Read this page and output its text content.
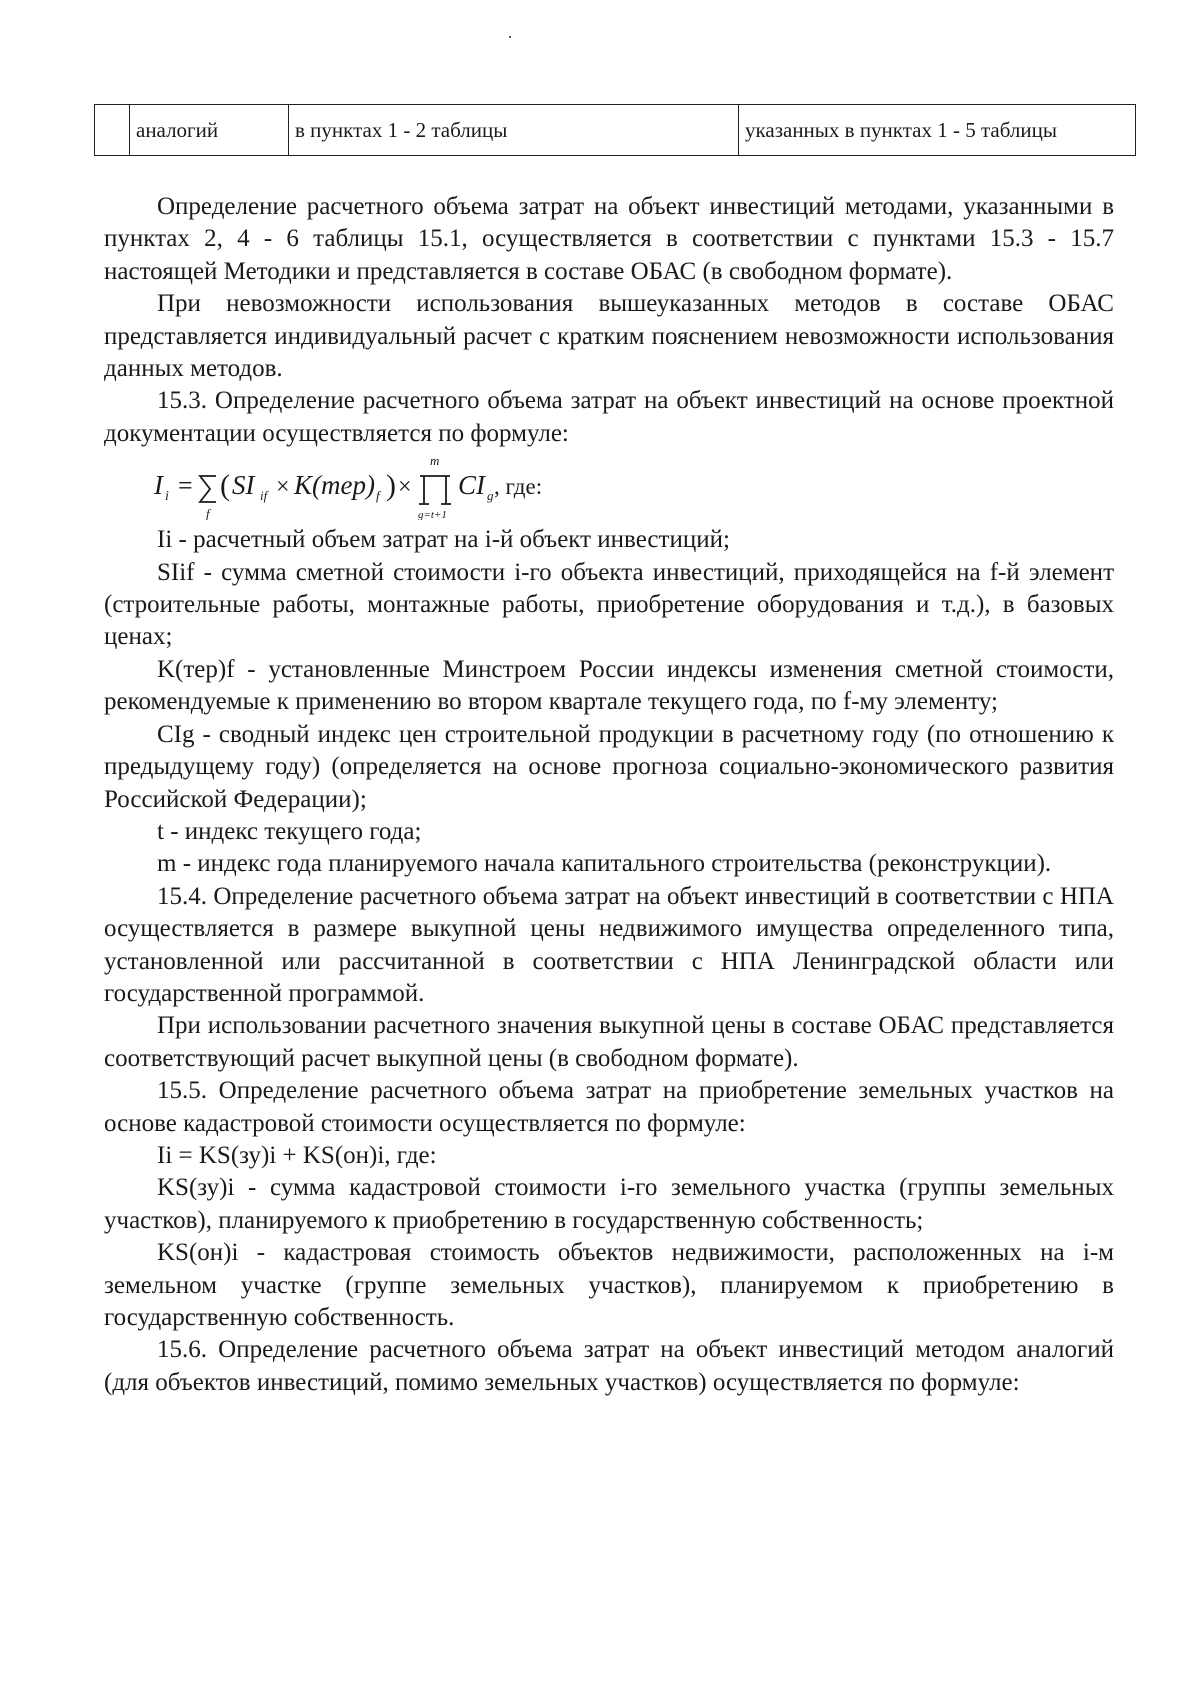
	аналогий	в пунктах 1 - 2 таблицы	указанных в пунктах 1 - 5 таблицы

Определение расчетного объема затрат на объект инвестиций методами, указанными в пунктах 2, 4 - 6 таблицы 15.1, осуществляется в соответствии с пунктами 15.3 - 15.7 настоящей Методики и представляется в составе ОБАС (в свободном формате).

При невозможности использования вышеуказанных методов в составе ОБАС представляется индивидуальный расчет с кратким пояснением невозможности использования данных методов.

15.3. Определение расчетного объема затрат на объект инвестиций на основе проектной документации осуществляется по формуле:

I i =
f
( SI if × K(тер) f ) ×
m
g=t+1
CI g , где:

Ii - расчетный объем затрат на i-й объект инвестиций;

SIif - сумма сметной стоимости i-го объекта инвестиций, приходящейся на f-й элемент (строительные работы, монтажные работы, приобретение оборудования и т.д.), в базовых ценах;

K(тер)f - установленные Минстроем России индексы изменения сметной стоимости, рекомендуемые к применению во втором квартале текущего года, по f-му элементу;

CIg - сводный индекс цен строительной продукции в расчетному году (по отношению к предыдущему году) (определяется на основе прогноза социально-экономического развития Российской Федерации);

t - индекс текущего года;

m - индекс года планируемого начала капитального строительства (реконструкции).

15.4. Определение расчетного объема затрат на объект инвестиций в соответствии с НПА осуществляется в размере выкупной цены недвижимого имущества определенного типа, установленной или рассчитанной в соответствии с НПА Ленинградской области или государственной программой.

При использовании расчетного значения выкупной цены в составе ОБАС представляется соответствующий расчет выкупной цены (в свободном формате).

15.5. Определение расчетного объема затрат на приобретение земельных участков на основе кадастровой стоимости осуществляется по формуле:

Ii = KS(зу)i + KS(он)i, где:

KS(зу)i - сумма кадастровой стоимости i-го земельного участка (группы земельных участков), планируемого к приобретению в государственную собственность;

KS(он)i - кадастровая стоимость объектов недвижимости, расположенных на i-м земельном участке (группе земельных участков), планируемом к приобретению в государственную собственность.

15.6. Определение расчетного объема затрат на объект инвестиций методом аналогий (для объектов инвестиций, помимо земельных участков) осуществляется по формуле:
